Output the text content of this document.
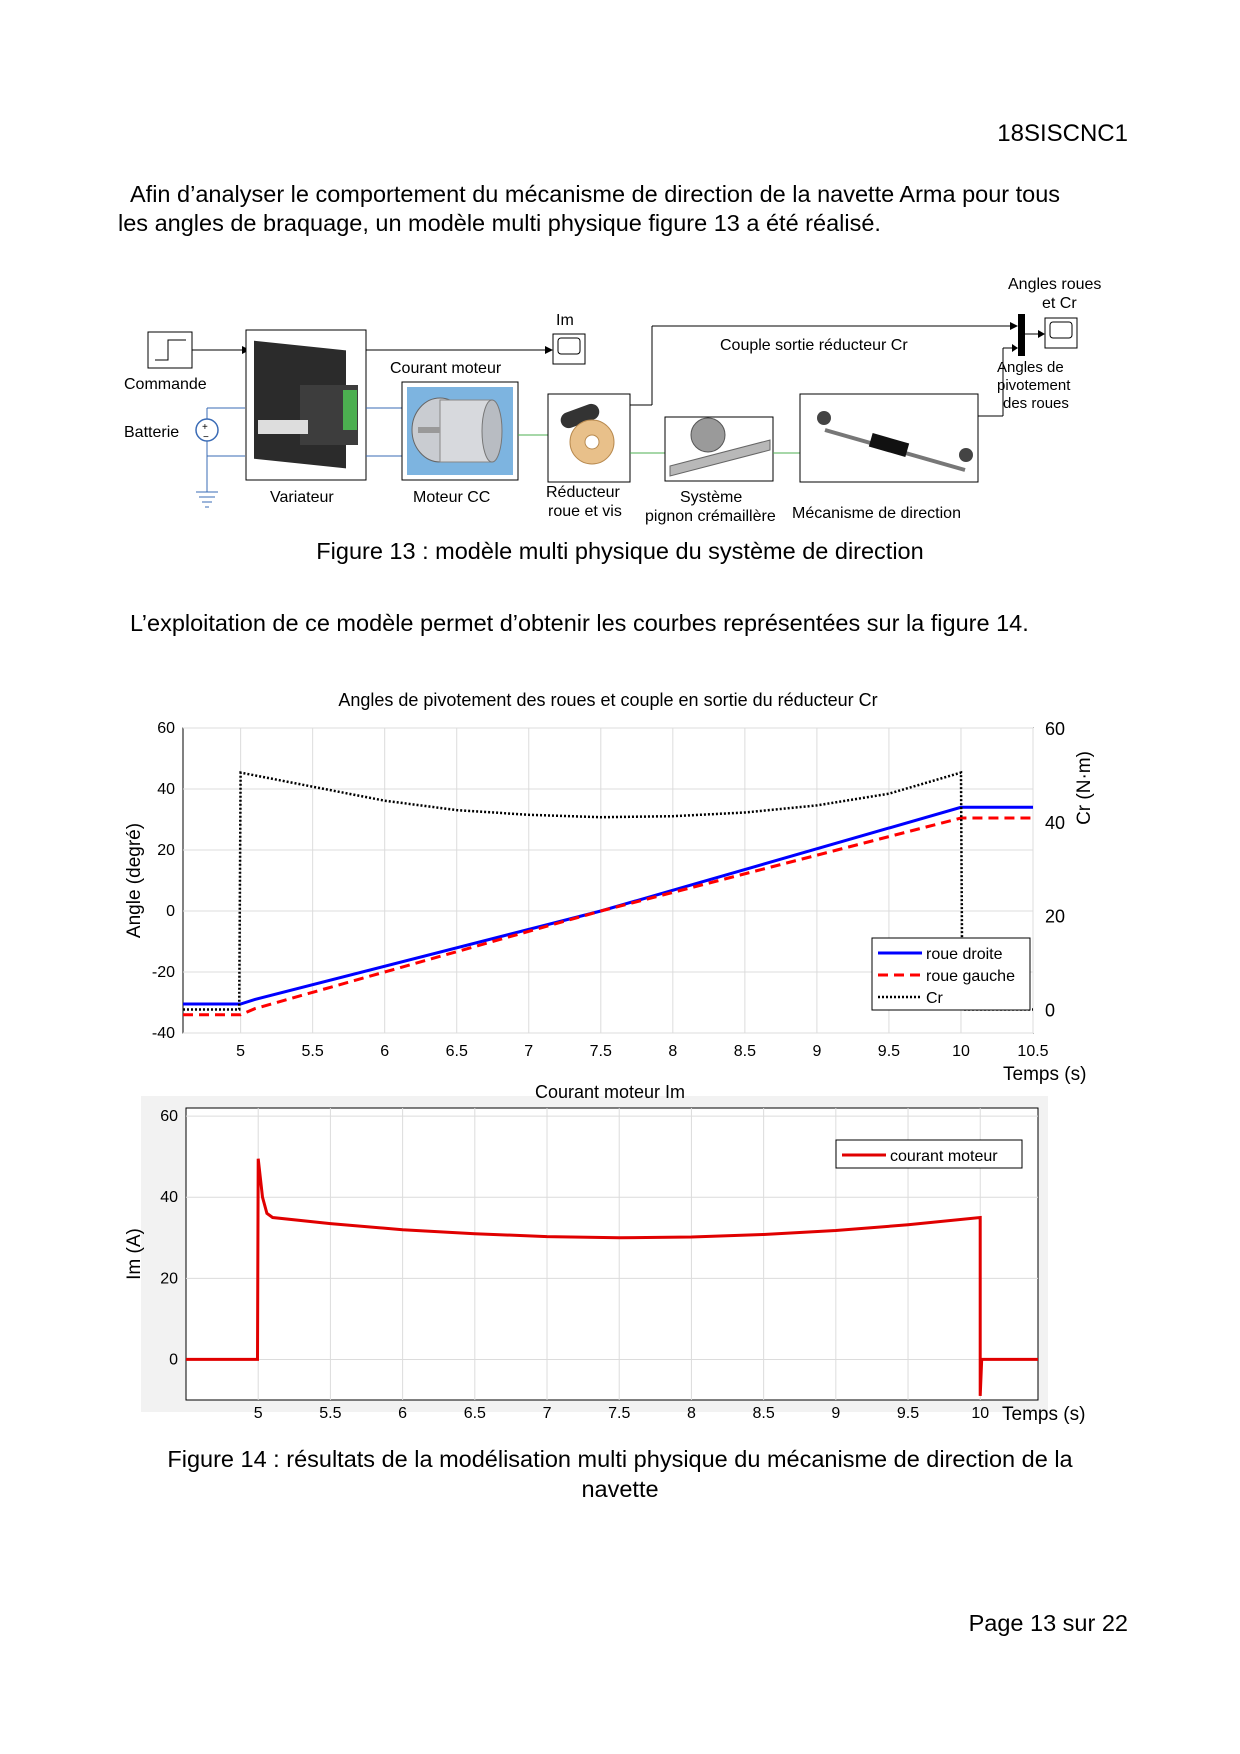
18SISCNC1
Afin d’analyser le comportement du mécanisme de direction de la navette Arma pour tous
les angles de braquage, un modèle multi physique figure 13 a été réalisé.
Commande
Batterie +
−
Variateur
Courant moteur
Moteur CC
Im
Réducteur
roue et vis
Couple sortie réducteur Cr
Système
pignon crémaillère Mécanisme de direction
Angles roues
et Cr
Angles de
pivotement
des roues
Figure 13 : modèle multi physique du système de direction
L’exploitation de ce modèle permet d’obtenir les courbes représentées sur la figure 14.
5	5.5	6	6.5	7	7.5	8	8.5	9	9.5	10	10.5
60
40
20
0
-20
-40
60
40
20
0
roue droite
roue gauche
Cr
Angles de pivotement des roues et couple en sortie du réducteur Cr
Temps (s)
Angle (degré)
Cr (N·m)
60
40
20
0
courant moteur
Courant moteur Im
Temps (s)
Im (A)
5	5.5	6	6.5	7	7.5	8	8.5	9	9.5	10
Figure 14 : résultats de la modélisation multi physique du mécanisme de direction de la
navette
Page 13 sur 22
